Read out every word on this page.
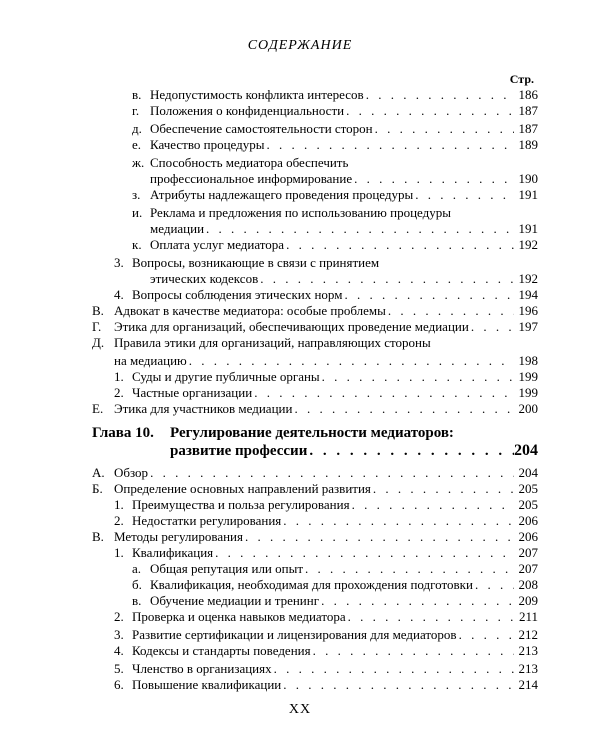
СОДЕРЖАНИЕ
Стр.
в. Недопустимость конфликта интересов . . .	186
г. Положения о конфиденциальности . . .	187
д. Обеспечение самостоятельности сторон . . .	187
е. Качество процедуры . . .	189
ж. Способность медиатора обеспечить
профессиональное информирование . . .	190
з. Атрибуты надлежащего проведения процедуры . . .	191
и. Реклама и предложения по использованию процедуры
медиации . . .	191
к. Оплата услуг медиатора . . .	192
3. Вопросы, возникающие в связи с принятием
этических кодексов . . .	192
4. Вопросы соблюдения этических норм . . .	194
В. Адвокат в качестве медиатора: особые проблемы . . .	196
Г. Этика для организаций, обеспечивающих проведение медиации . . .	197
Д. Правила этики для организаций, направляющих стороны
на медиацию . . .	198
1. Суды и другие публичные органы . . .	199
2. Частные организации . . .	199
Е. Этика для участников медиации . . .	200
Глава 10. Регулирование деятельности медиаторов:
развитие профессии . . .	204
А. Обзор . . .	204
Б. Определение основных направлений развития . . .	205
1. Преимущества и польза регулирования . . .	205
2. Недостатки регулирования . . .	206
В. Методы регулирования . . .	206
1. Квалификация . . .	207
а. Общая репутация или опыт . . .	207
б. Квалификация, необходимая для прохождения подготовки . . .	208
в. Обучение медиации и тренинг . . .	209
2. Проверка и оценка навыков медиатора . . .	211
3. Развитие сертификации и лицензирования для медиаторов . . .	212
4. Кодексы и стандарты поведения . . .	213
5. Членство в организациях . . .	213
6. Повышение квалификации . . .	214
XX
